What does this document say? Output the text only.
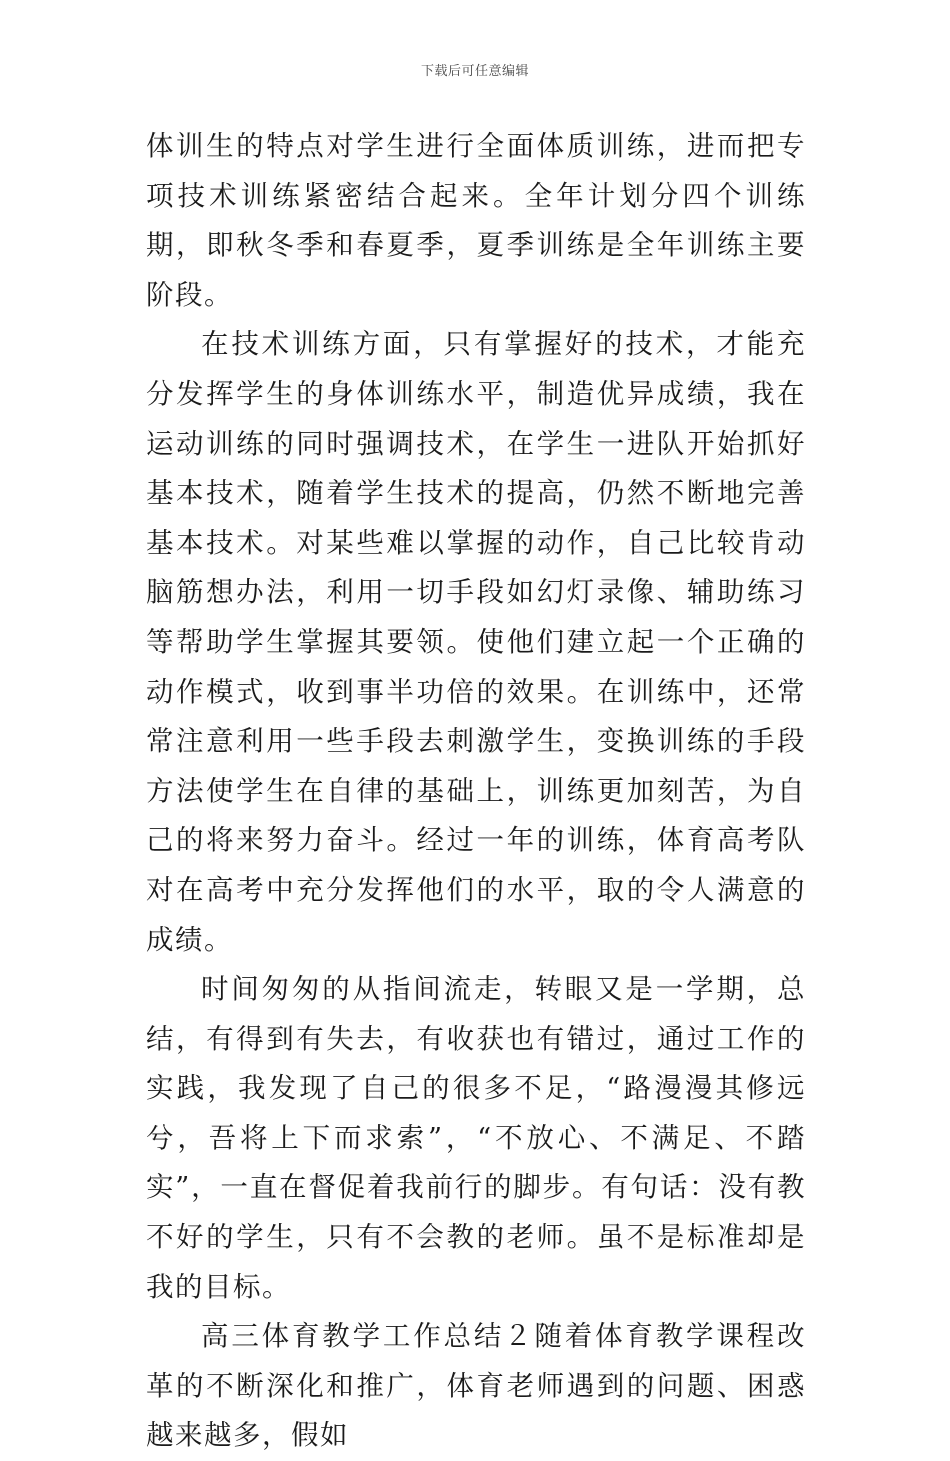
下载后可任意编辑

体训生的特点对学生进行全面体质训练，进而把专项技术训练紧密结合起来。全年计划分四个训练期，即秋冬季和春夏季，夏季训练是全年训练主要阶段。

在技术训练方面，只有掌握好的技术，才能充分发挥学生的身体训练水平，制造优异成绩，我在运动训练的同时强调技术，在学生一进队开始抓好基本技术，随着学生技术的提高，仍然不断地完善基本技术。对某些难以掌握的动作，自己比较肯动脑筋想办法，利用一切手段如幻灯录像、辅助练习等帮助学生掌握其要领。使他们建立起一个正确的动作模式，收到事半功倍的效果。在训练中，还常常注意利用一些手段去刺激学生，变换训练的手段方法使学生在自律的基础上，训练更加刻苦，为自己的将来努力奋斗。经过一年的训练，体育高考队对在高考中充分发挥他们的水平，取的令人满意的成绩。

时间匆匆的从指间流走，转眼又是一学期，总结，有得到有失去，有收获也有错过，通过工作的实践，我发现了自己的很多不足，“路漫漫其修远兮，吾将上下而求索”，“不放心、不满足、不踏实”，一直在督促着我前行的脚步。有句话：没有教不好的学生，只有不会教的老师。虽不是标准却是我的目标。

高三体育教学工作总结２随着体育教学课程改革的不断深化和推广，体育老师遇到的问题、困惑越来越多，假如
